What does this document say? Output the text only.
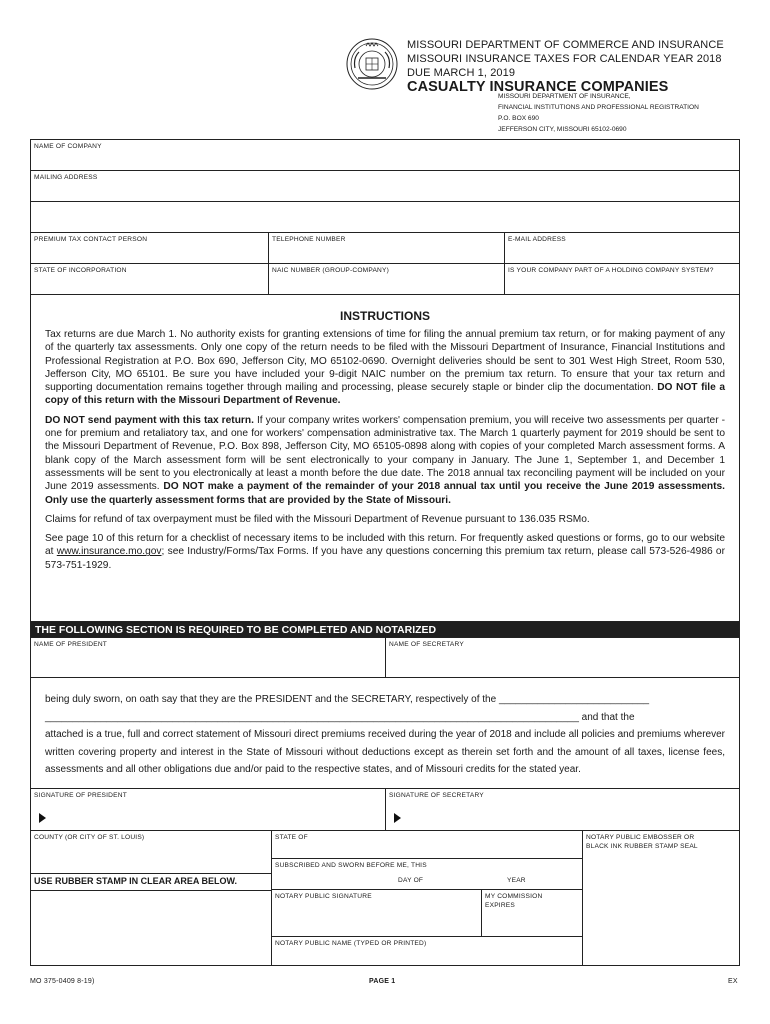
MISSOURI DEPARTMENT OF COMMERCE AND INSURANCE
MISSOURI INSURANCE TAXES FOR CALENDAR YEAR 2018
DUE MARCH 1, 2019
CASUALTY INSURANCE COMPANIES
MISSOURI DEPARTMENT OF INSURANCE,
FINANCIAL INSTITUTIONS AND PROFESSIONAL REGISTRATION
P.O. BOX 690
JEFFERSON CITY, MISSOURI 65102-0690
NAME OF COMPANY
MAILING ADDRESS
PREMIUM TAX CONTACT PERSON	TELEPHONE NUMBER	E-MAIL ADDRESS
STATE OF INCORPORATION	NAIC NUMBER (GROUP-COMPANY)	IS YOUR COMPANY PART OF A HOLDING COMPANY SYSTEM?
INSTRUCTIONS

Tax returns are due March 1. No authority exists for granting extensions of time for filing the annual premium tax return, or for making payment of any of the quarterly tax assessments. Only one copy of the return needs to be filed with the Missouri Department of Insurance, Financial Institutions and Professional Registration at P.O. Box 690, Jefferson City, MO 65102-0690. Overnight deliveries should be sent to 301 West High Street, Room 530, Jefferson City, MO 65101. Be sure you have included your 9-digit NAIC number on the premium tax return. To ensure that your tax return and supporting documentation remains together through mailing and processing, please securely staple or binder clip the documentation. DO NOT file a copy of this return with the Missouri Department of Revenue.

DO NOT send payment with this tax return. If your company writes workers' compensation premium, you will receive two assessments per quarter - one for premium and retaliatory tax, and one for workers' compensation administrative tax. The March 1 quarterly payment for 2019 should be sent to the Missouri Department of Revenue, P.O. Box 898, Jefferson City, MO 65105-0898 along with copies of your completed March assessment forms. A blank copy of the March assessment form will be sent electronically to your company in January. The June 1, September 1, and December 1 assessments will be sent to you electronically at least a month before the due date. The 2018 annual tax reconciling payment will be included on your June 2019 assessments. DO NOT make a payment of the remainder of your 2018 annual tax until you receive the June 2019 assessments. Only use the quarterly assessment forms that are provided by the State of Missouri.

Claims for refund of tax overpayment must be filed with the Missouri Department of Revenue pursuant to 136.035 RSMo.

See page 10 of this return for a checklist of necessary items to be included with this return. For frequently asked questions or forms, go to our website at www.insurance.mo.gov; see Industry/Forms/Tax Forms. If you have any questions concerning this premium tax return, please call 573-526-4986 or 573-751-1929.

THE FOLLOWING SECTION IS REQUIRED TO BE COMPLETED AND NOTARIZED
NAME OF PRESIDENT	NAME OF SECRETARY

being duly sworn, on oath say that they are the PRESIDENT and the SECRETARY, respectively of the ___________________________

________________________________________________________________________________________________ and that the

attached is a true, full and correct statement of Missouri direct premiums received during the year of 2018 and include all policies and premiums wherever written covering property and interest in the State of Missouri without deductions except as therein set forth and the amount of all taxes, license fees, assessments and all other obligations due and/or paid to the respective states, and of Missouri credits for the stated year.

SIGNATURE OF PRESIDENT	SIGNATURE OF SECRETARY
COUNTY (OR CITY OF ST. LOUIS)
USE RUBBER STAMP IN CLEAR AREA BELOW.
STATE OF
SUBSCRIBED AND SWORN BEFORE ME, THIS
DAY OF	YEAR
NOTARY PUBLIC SIGNATURE	MY COMMISSION
EXPIRES
NOTARY PUBLIC NAME (TYPED OR PRINTED)
NOTARY PUBLIC EMBOSSER OR
BLACK INK RUBBER STAMP SEAL
MO 375-0409 8-19)	PAGE 1	EX
